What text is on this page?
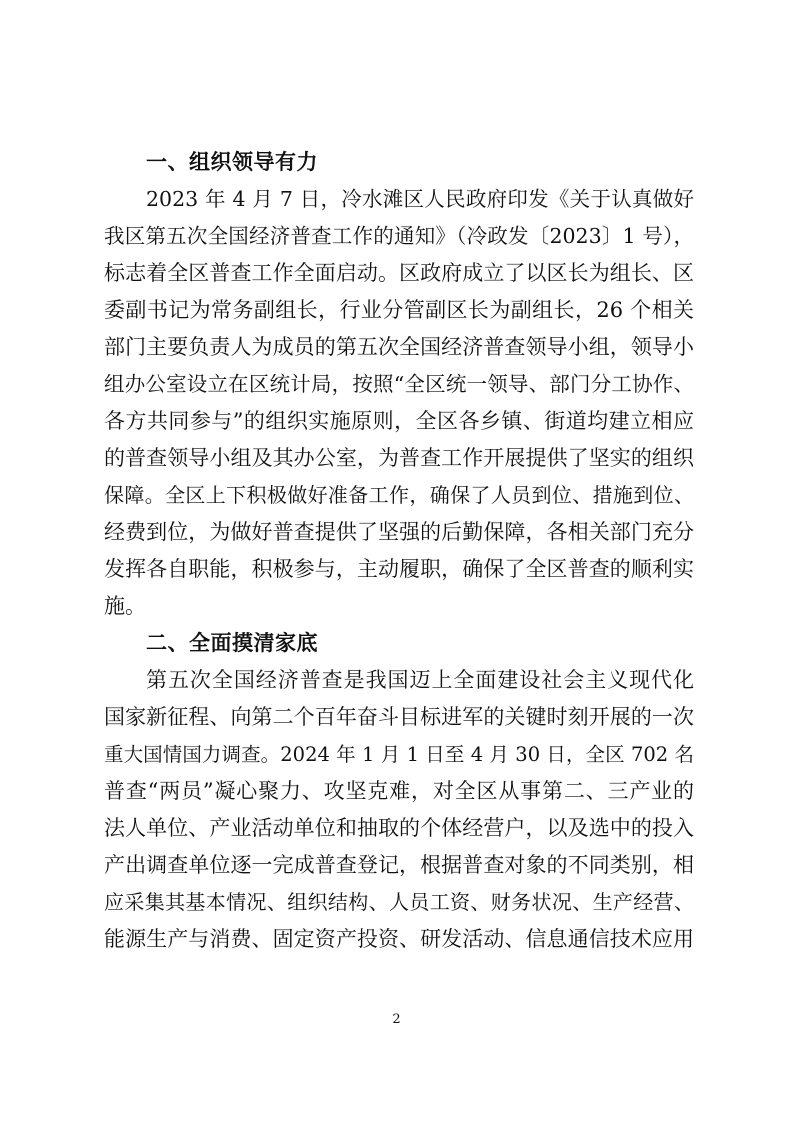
一、组织领导有力

2023 年 4 月 7 日，冷水滩区人民政府印发《关于认真做好

我区第五次全国经济普查工作的通知》（冷政发〔2023〕1 号），

标志着全区普查工作全面启动。区政府成立了以区长为组长、区

委副书记为常务副组长，行业分管副区长为副组长，26 个相关

部门主要负责人为成员的第五次全国经济普查领导小组，领导小

组办公室设立在区统计局，按照“全区统一领导、部门分工协作、

各方共同参与”的组织实施原则，全区各乡镇、街道均建立相应

的普查领导小组及其办公室，为普查工作开展提供了坚实的组织

保障。全区上下积极做好准备工作，确保了人员到位、措施到位、

经费到位，为做好普查提供了坚强的后勤保障，各相关部门充分

发挥各自职能，积极参与，主动履职，确保了全区普查的顺利实

施。

二、全面摸清家底

第五次全国经济普查是我国迈上全面建设社会主义现代化

国家新征程、向第二个百年奋斗目标进军的关键时刻开展的一次

重大国情国力调查。2024 年 1 月 1 日至 4 月 30 日，全区 702 名

普查“两员”凝心聚力、攻坚克难，对全区从事第二、三产业的

法人单位、产业活动单位和抽取的个体经营户，以及选中的投入

产出调查单位逐一完成普查登记，根据普查对象的不同类别，相

应采集其基本情况、组织结构、人员工资、财务状况、生产经营、

能源生产与消费、固定资产投资、研发活动、信息通信技术应用

2
